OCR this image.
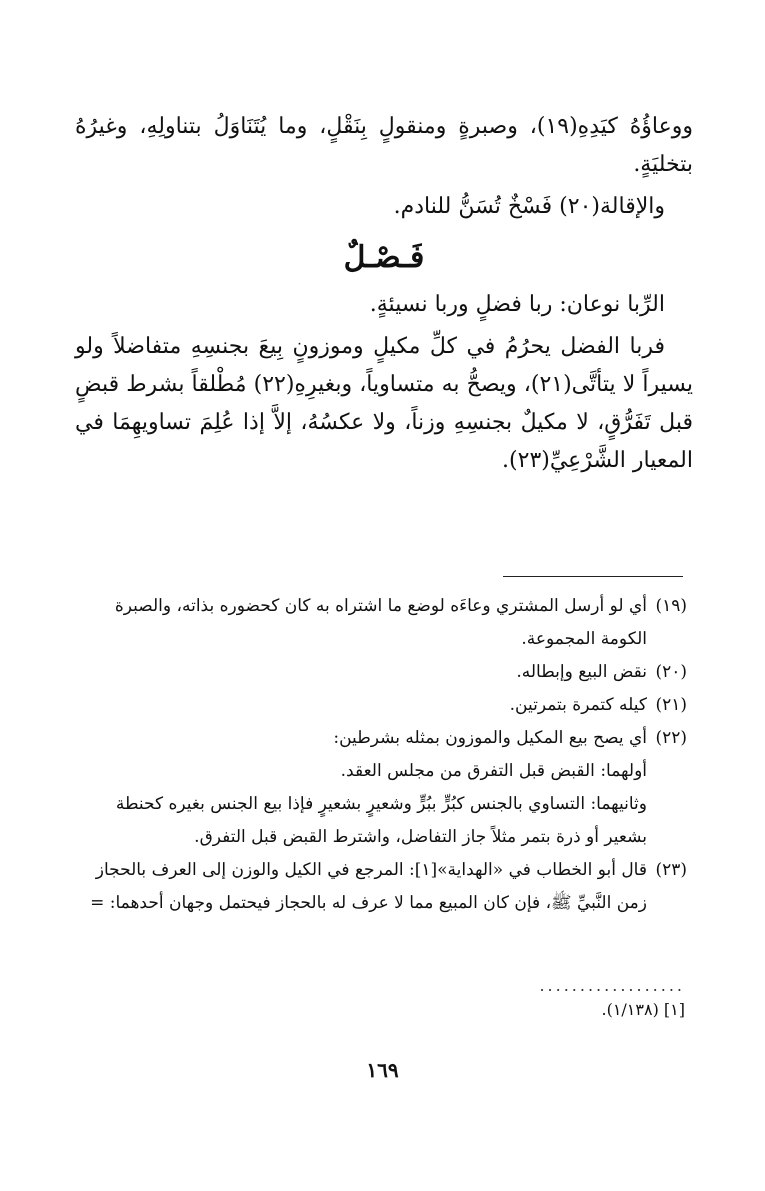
ووعاؤُهُ كيَدِهِ(١٩)، وصبرةٍ ومنقولٍ بِنَقْلٍ، وما يُتَنَاوَلُ بتناولِهِ، وغيرُهُ بتخليَةٍ.

والإقالة(٢٠) فَسْخٌ تُسَنُّ للنادم.

فَـصْـلٌ

الرِّبا نوعان: ربا فضلٍ وربا نسيئةٍ.

فربا الفضل يحرُمُ في كلِّ مكيلٍ وموزونٍ بِيعَ بجنسِهِ متفاضلاً ولو يسيراً لا يتأتَّى(٢١)، ويصحُّ به متساوياً، وبغيرِهِ(٢٢) مُطْلقاً بشرط قبضٍ قبل تَفَرُّقٍ، لا مكيلٌ بجنسِهِ وزناً، ولا عكسُهُ، إلاَّ إذا عُلِمَ تساويهِمَا في المعيار الشَّرْعِيِّ(٢٣).

(١٩)
أي لو أرسل المشتري وعاءَه لوضع ما اشتراه به كان كحضوره بذاته، والصبرة
الكومة المجموعة.
(٢٠)
نقض البيع وإبطاله.
(٢١)
كيله كتمرة بتمرتين.
(٢٢)
أي يصح بيع المكيل والموزون بمثله بشرطين:
أولهما: القبض قبل التفرق من مجلس العقد.
وثانيهما: التساوي بالجنس كبُرٍّ ببُرٍّ وشعيرٍ بشعيرٍ فإذا بيع الجنس بغيره كحنطة
بشعير أو ذرة بتمر مثلاً جاز التفاضل، واشترط القبض قبل التفرق.
(٢٣)
قال أبو الخطاب في «الهداية»[١]: المرجع في الكيل والوزن إلى العرف بالحجاز
زمن النَّبيِّ ﷺ، فإن كان المبيع مما لا عرف له بالحجاز فيحتمل وجهان أحدهما: =
..................
[١] (١/١٣٨).
١٦٩
